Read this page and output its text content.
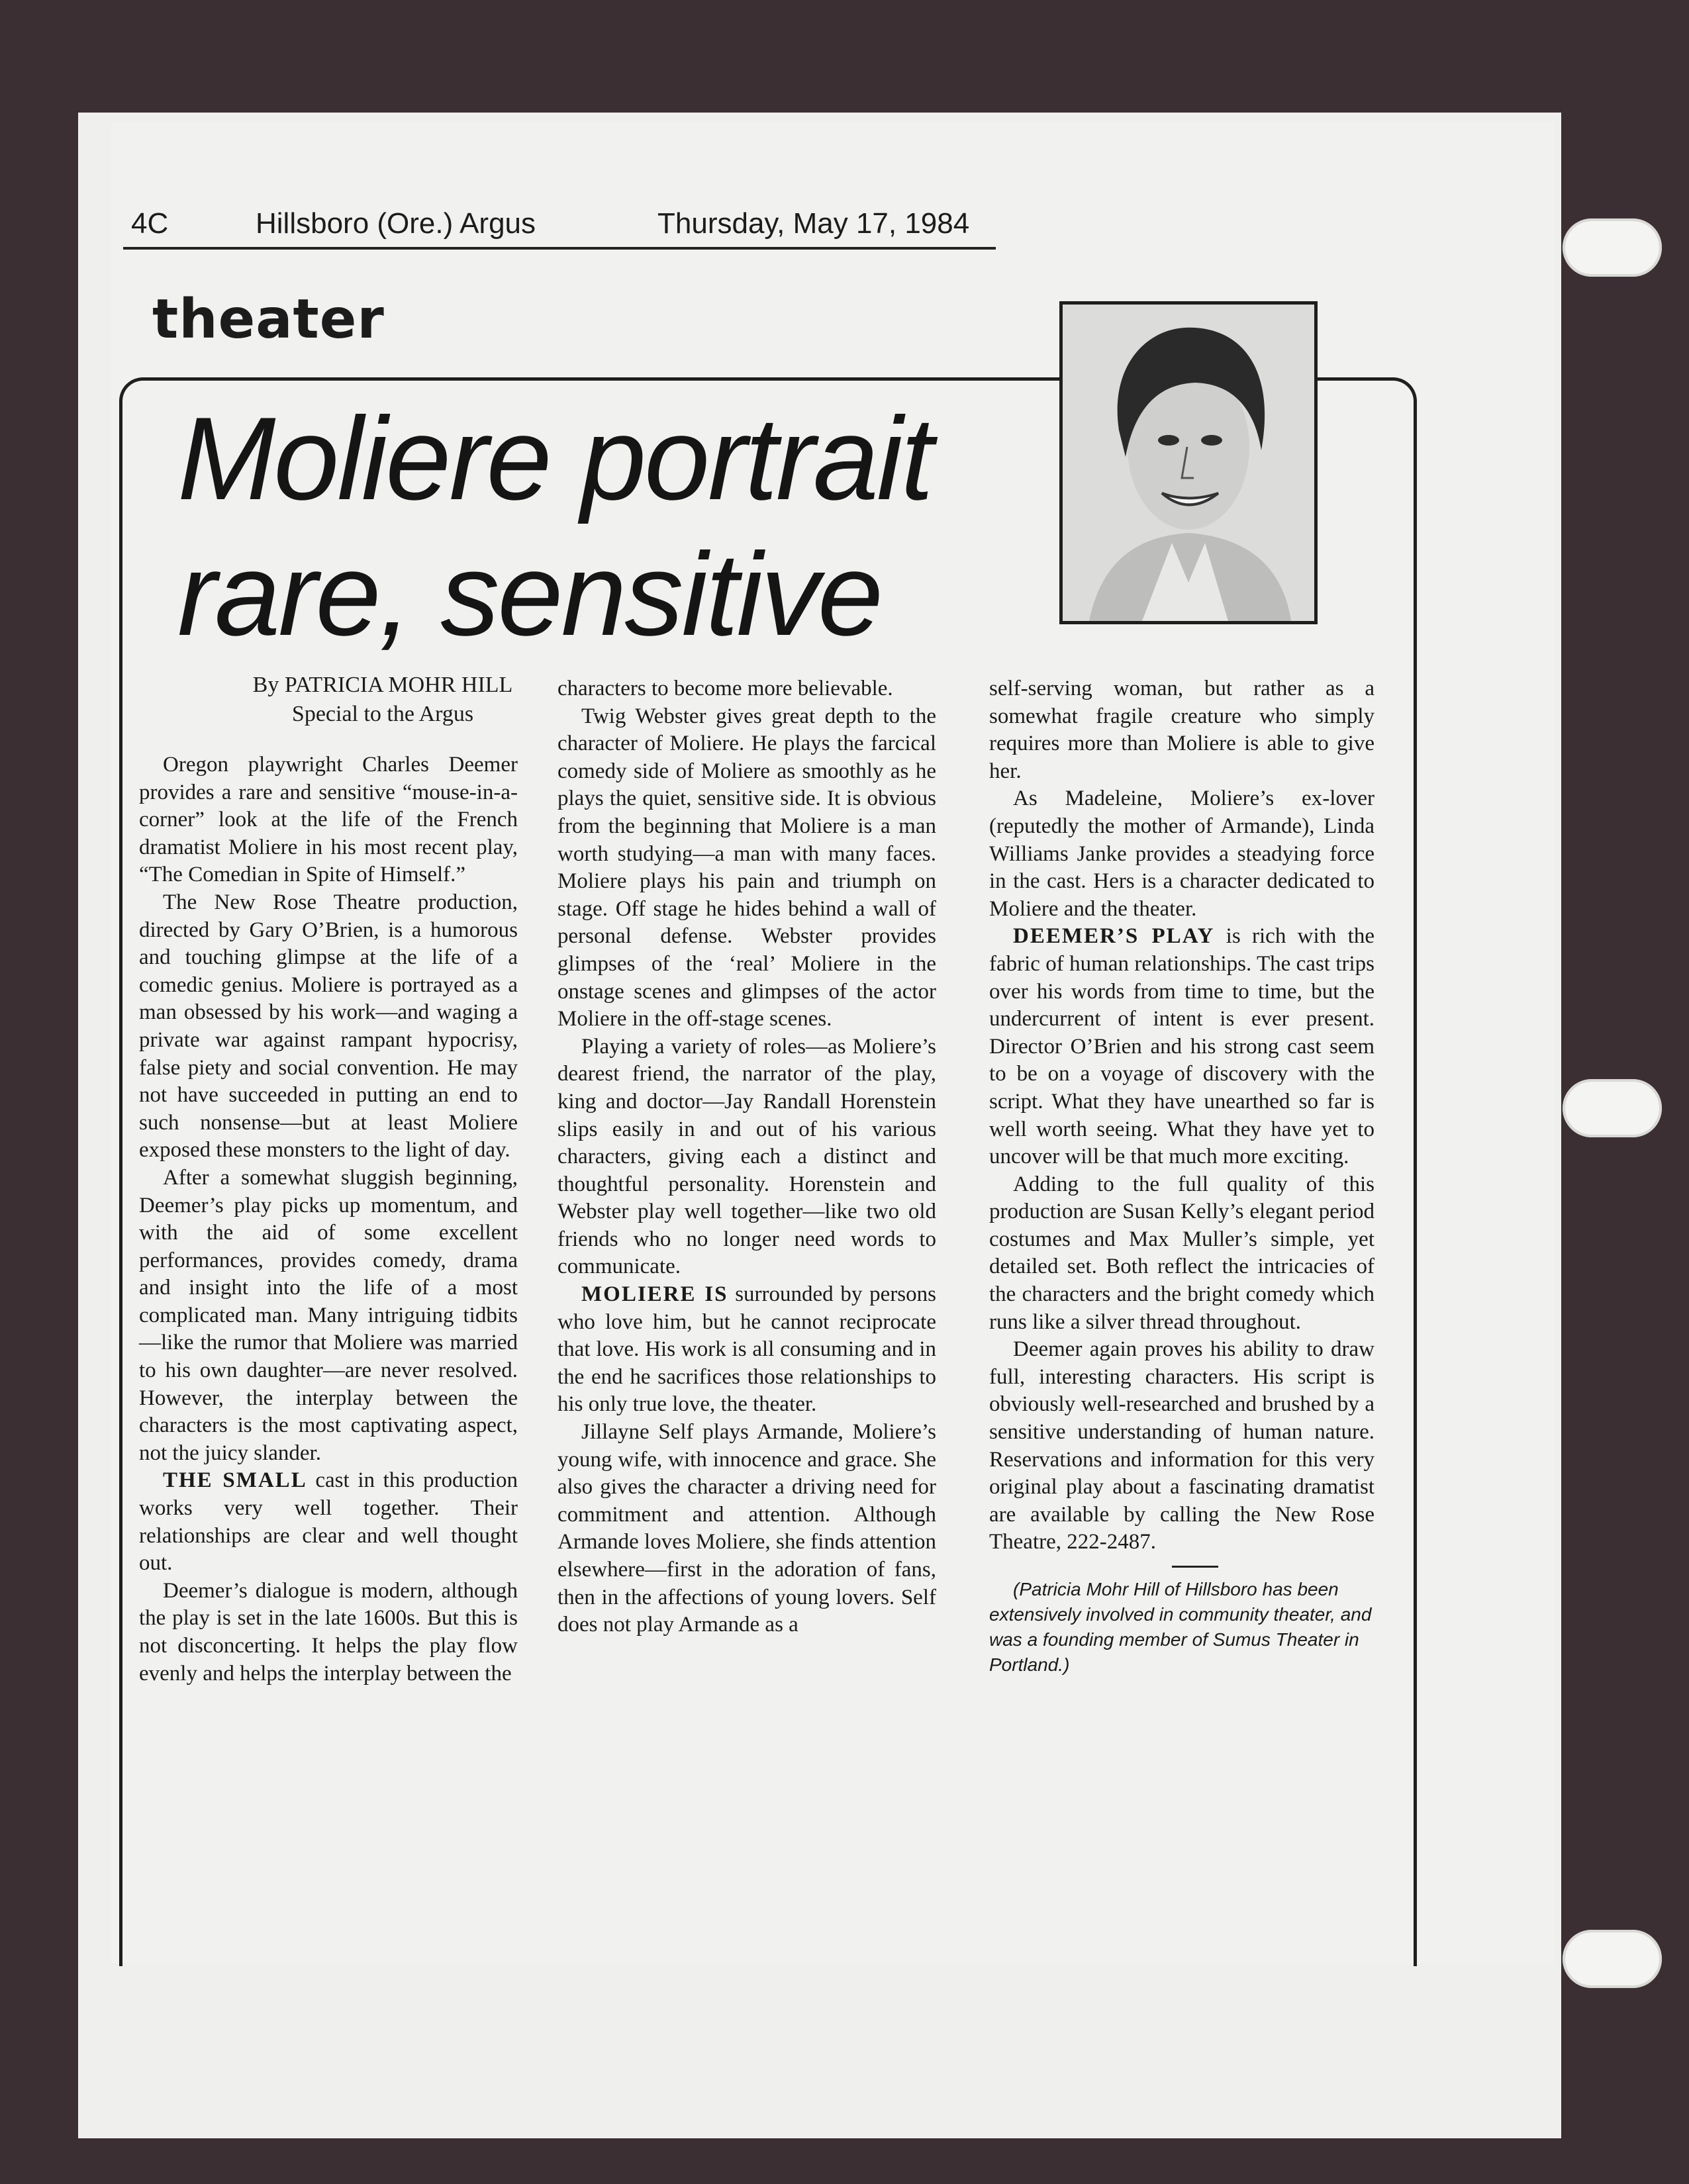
4C	Hillsboro (Ore.) Argus	Thursday, May 17, 1984
theater
Moliere portrait
rare, sensitive
By PATRICIA MOHR HILL
Special to the Argus

Oregon playwright Charles Deemer provides a rare and sensitive “mouse-in-a-corner” look at the life of the French dramatist Moliere in his most recent play, “The Comedian in Spite of Himself.”

The New Rose Theatre production, directed by Gary O’Brien, is a humorous and touching glimpse at the life of a comedic genius. Moliere is portrayed as a man obsessed by his work—and waging a private war against rampant hypocrisy, false piety and social convention. He may not have succeeded in putting an end to such nonsense—but at least Moliere exposed these monsters to the light of day.

After a somewhat sluggish beginning, Deemer’s play picks up momentum, and with the aid of some excellent performances, provides comedy, drama and insight into the life of a most complicated man. Many intriguing tidbits—like the rumor that Moliere was married to his own daughter—are never resolved. However, the interplay between the characters is the most captivating aspect, not the juicy slander.

THE SMALL cast in this production works very well together. Their relationships are clear and well thought out.

Deemer’s dialogue is modern, although the play is set in the late 1600s. But this is not disconcerting. It helps the play flow evenly and helps the interplay between the

characters to become more believable.

Twig Webster gives great depth to the character of Moliere. He plays the farcical comedy side of Moliere as smoothly as he plays the quiet, sensitive side. It is obvious from the beginning that Moliere is a man worth studying—a man with many faces. Moliere plays his pain and triumph on stage. Off stage he hides behind a wall of personal defense. Webster provides glimpses of the ‘real’ Moliere in the onstage scenes and glimpses of the actor Moliere in the off-stage scenes.

Playing a variety of roles—as Moliere’s dearest friend, the narrator of the play, king and doctor—Jay Randall Horenstein slips easily in and out of his various characters, giving each a distinct and thoughtful personality. Horenstein and Webster play well together—like two old friends who no longer need words to communicate.

MOLIERE IS surrounded by persons who love him, but he cannot reciprocate that love. His work is all consuming and in the end he sacrifices those relationships to his only true love, the theater.

Jillayne Self plays Armande, Moliere’s young wife, with innocence and grace. She also gives the character a driving need for commitment and attention. Although Armande loves Moliere, she finds attention elsewhere—first in the adoration of fans, then in the affections of young lovers. Self does not play Armande as a

self-serving woman, but rather as a somewhat fragile creature who simply requires more than Moliere is able to give her.

As Madeleine, Moliere’s ex-lover (reputedly the mother of Armande), Linda Williams Janke provides a steadying force in the cast. Hers is a character dedicated to Moliere and the theater.

DEEMER’S PLAY is rich with the fabric of human relationships. The cast trips over his words from time to time, but the undercurrent of intent is ever present. Director O’Brien and his strong cast seem to be on a voyage of discovery with the script. What they have unearthed so far is well worth seeing. What they have yet to uncover will be that much more exciting.

Adding to the full quality of this production are Susan Kelly’s elegant period costumes and Max Muller’s simple, yet detailed set. Both reflect the intricacies of the characters and the bright comedy which runs like a silver thread throughout.

Deemer again proves his ability to draw full, interesting characters. His script is obviously well-researched and brushed by a sensitive understanding of human nature. Reservations and information for this very original play about a fascinating dramatist are available by calling the New Rose Theatre, 222-2487.

(Patricia Mohr Hill of Hillsboro has been extensively involved in community theater, and was a founding member of Sumus Theater in Portland.)
